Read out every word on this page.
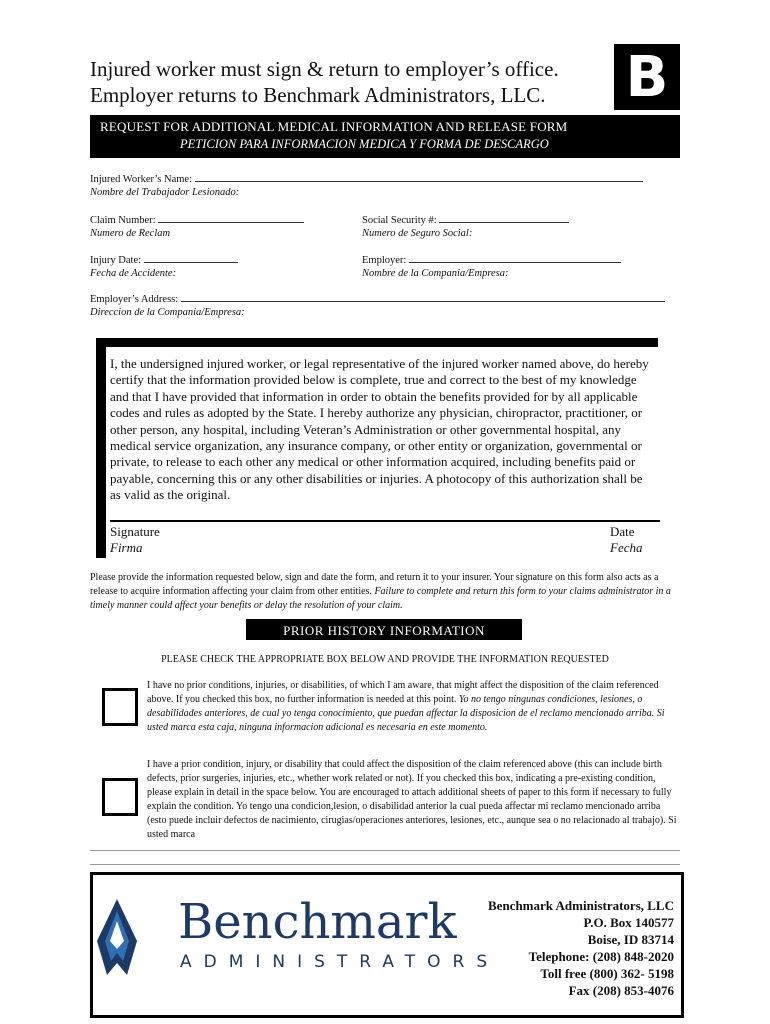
Injured worker must sign & return to employer’s office.
Employer returns to Benchmark Administrators, LLC. B
REQUEST FOR ADDITIONAL MEDICAL INFORMATION AND RELEASE FORM
PETICION PARA INFORMACION MEDICA Y FORMA DE DESCARGO
Injured Worker’s Name:
Nombre del Trabajador Lesionado:
Claim Number:
Numero de Reclam
Social Security #:
Numero de Seguro Social:
Injury Date:
Fecha de Accidente:
Employer:
Nombre de la Compania/Empresa:
Employer’s Address:
Direccion de la Compania/Empresa:
I, the undersigned injured worker, or legal representative of the injured worker named above, do hereby certify that the information provided below is complete, true and correct to the best of my knowledge and that I have provided that information in order to obtain the benefits provided for by all applicable codes and rules as adopted by the State. I hereby authorize any physician, chiropractor, practitioner, or other person, any hospital, including Veteran’s Administration or other governmental hospital, any medical service organization, any insurance company, or other entity or organization, governmental or private, to release to each other any medical or other information acquired, including benefits paid or payable, concerning this or any other disabilities or injuries. A photocopy of this authorization shall be as valid as the original.
Signature
Firma
Date
Fecha
Please provide the information requested below, sign and date the form, and return it to your insurer. Your signature on this form also acts as a release to acquire information affecting your claim from other entities. Failure to complete and return this form to your claims administrator in a timely manner could affect your benefits or delay the resolution of your claim.
PRIOR HISTORY INFORMATION
PLEASE CHECK THE APPROPRIATE BOX BELOW AND PROVIDE THE INFORMATION REQUESTED
I have no prior conditions, injuries, or disabilities, of which I am aware, that might affect the disposition of the claim referenced above. If you checked this box, no further information is needed at this point. Yo no tengo ningunas condiciones, lesiones, o desabilidades anteriores, de cual yo tenga conocimiento, que puedan affectar la disposicion de el reclamo mencionado arriba. Si usted marca esta caja, ninguna informacion adicional es necesaria en este momento.
I have a prior condition, injury, or disability that could affect the disposition of the claim referenced above (this can include birth defects, prior surgeries, injuries, etc., whether work related or not). If you checked this box, indicating a pre-existing condition, please explain in detail in the space below. You are encouraged to attach additional sheets of paper to this form if necessary to fully explain the condition. Yo tengo una condicion,lesion, o disabilidad anterior la cual pueda affectar mi reclamo mencionado arriba (esto puede incluir defectos de nacimiento, cirugias/operaciones anteriores, lesiones, etc., aunque sea o no relacionado al trabajo). Si usted marca
Benchmark
ADMINISTRATORS
Benchmark Administrators, LLC
P.O. Box 140577
Boise, ID 83714
Telephone: (208) 848-2020
Toll free (800) 362- 5198
Fax (208) 853-4076
